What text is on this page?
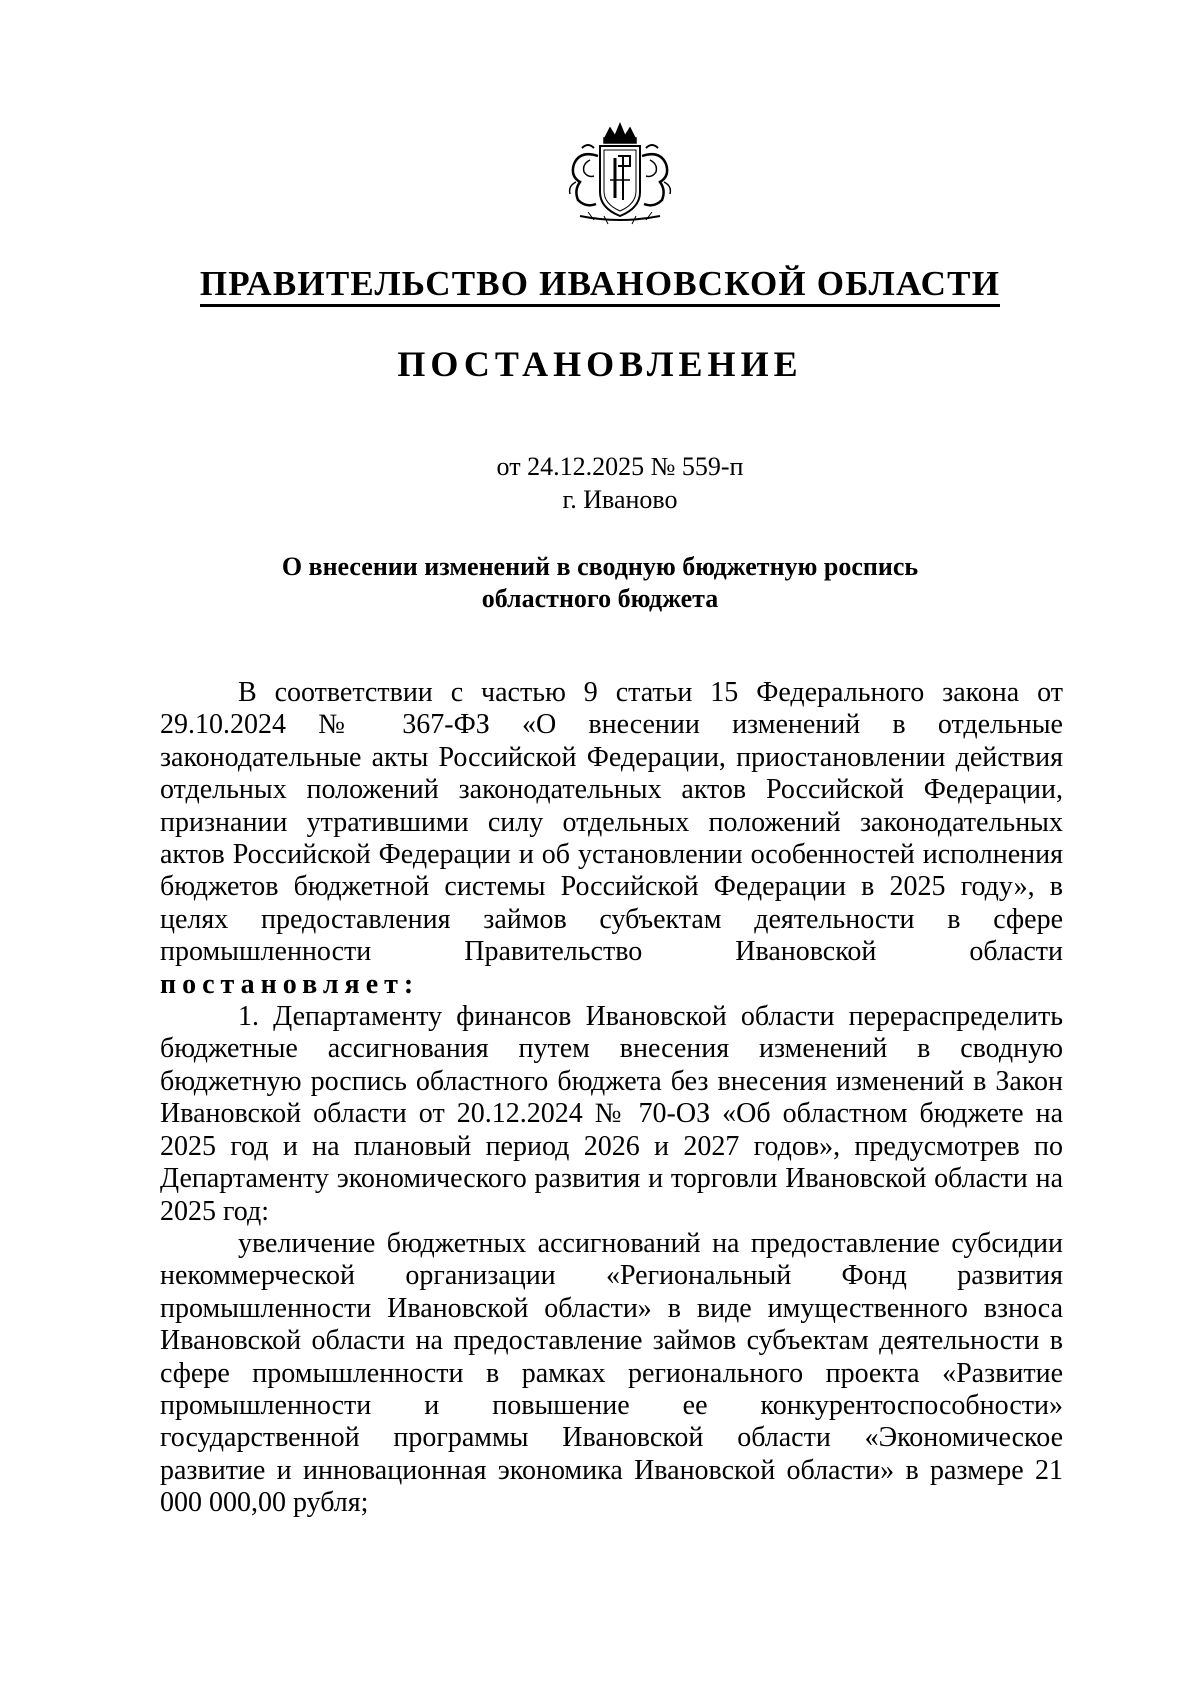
ПРАВИТЕЛЬСТВО ИВАНОВСКОЙ ОБЛАСТИ
ПОСТАНОВЛЕНИЕ
от 24.12.2025 № 559-п
г. Иваново
О внесении изменений в сводную бюджетную роспись
областного бюджета

В соответствии с частью 9 статьи 15 Федерального закона от 29.10.2024 № 367-ФЗ «О внесении изменений в отдельные законодательные акты Российской Федерации, приостановлении действия отдельных положений законодательных актов Российской Федерации, признании утратившими силу отдельных положений законодательных актов Российской Федерации и об установлении особенностей исполнения бюджетов бюджетной системы Российской Федерации в 2025 году», в целях предоставления займов субъектам деятельности в сфере промышленности Правительство Ивановской области постановляет:

1. Департаменту финансов Ивановской области перераспределить бюджетные ассигнования путем внесения изменений в сводную бюджетную роспись областного бюджета без внесения изменений в Закон Ивановской области от 20.12.2024 № 70-ОЗ «Об областном бюджете на 2025 год и на плановый период 2026 и 2027 годов», предусмотрев по Департаменту экономического развития и торговли Ивановской области на 2025 год:

увеличение бюджетных ассигнований на предоставление субсидии некоммерческой организации «Региональный Фонд развития промышленности Ивановской области» в виде имущественного взноса Ивановской области на предоставление займов субъектам деятельности в сфере промышленности в рамках регионального проекта «Развитие промышленности и повышение ее конкурентоспособности» государственной программы Ивановской области «Экономическое развитие и инновационная экономика Ивановской области» в размере 21 000 000,00 рубля;
